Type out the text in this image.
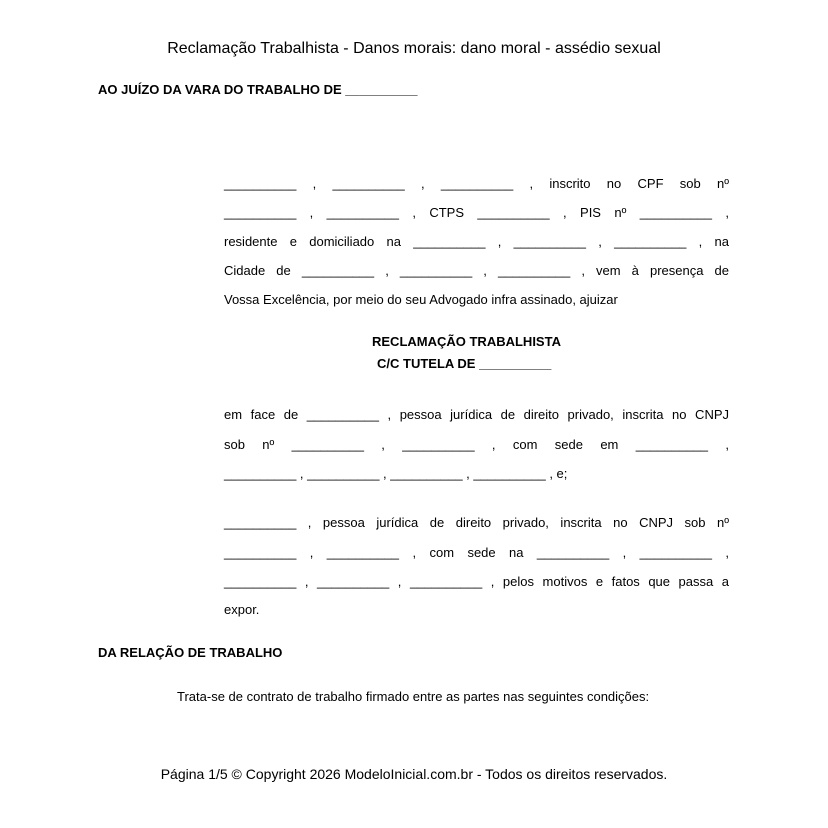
Reclamação Trabalhista - Danos morais: dano moral - assédio sexual
AO JUÍZO DA VARA DO TRABALHO DE __________
__________ , __________ , __________ , inscrito no CPF sob nº
__________ , __________ , CTPS __________ , PIS nº __________ ,
residente e domiciliado na __________ , __________ , __________ , na
Cidade de __________ , __________ , __________ , vem à presença de
Vossa Excelência, por meio do seu Advogado infra assinado, ajuizar
RECLAMAÇÃO TRABALHISTA
C/C TUTELA DE __________
em face de __________ , pessoa jurídica de direito privado, inscrita no CNPJ
sob nº __________ , __________ , com sede em __________ ,
__________ , __________ , __________ , __________ , e;
__________ , pessoa jurídica de direito privado, inscrita no CNPJ sob nº
__________ , __________ , com sede na __________ , __________ ,
__________ , __________ , __________ , pelos motivos e fatos que passa a
expor.
DA RELAÇÃO DE TRABALHO
Trata-se de contrato de trabalho firmado entre as partes nas seguintes condições:
Página 1/5 © Copyright 2026 ModeloInicial.com.br - Todos os direitos reservados.
